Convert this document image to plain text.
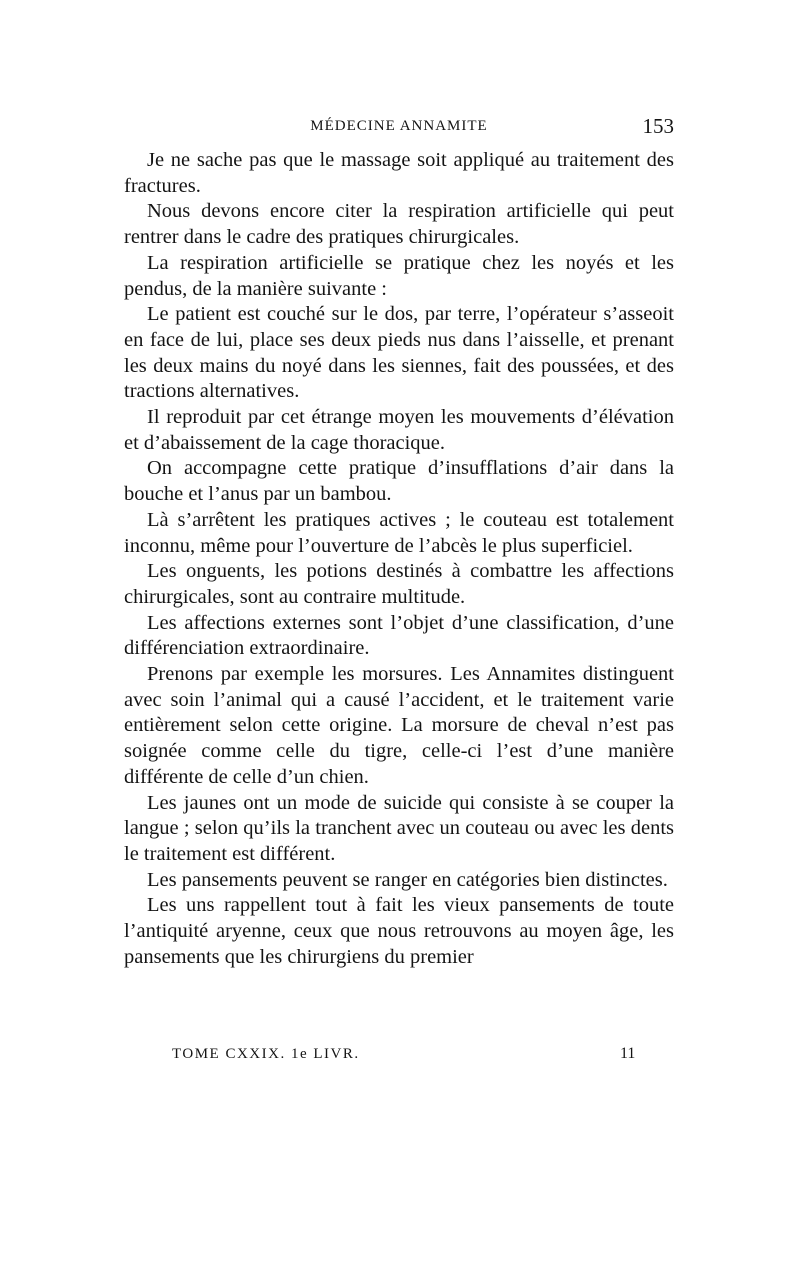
MÉDECINE ANNAMITE	153

Je ne sache pas que le massage soit appliqué au traitement des fractures.

Nous devons encore citer la respiration artificielle qui peut rentrer dans le cadre des pratiques chirurgicales.

La respiration artificielle se pratique chez les noyés et les pendus, de la manière suivante :

Le patient est couché sur le dos, par terre, l’opérateur s’asseoit en face de lui, place ses deux pieds nus dans l’aisselle, et prenant les deux mains du noyé dans les siennes, fait des poussées, et des tractions alternatives.

Il reproduit par cet étrange moyen les mouvements d’élévation et d’abaissement de la cage thoracique.

On accompagne cette pratique d’insufflations d’air dans la bouche et l’anus par un bambou.

Là s’arrêtent les pratiques actives ; le couteau est totalement inconnu, même pour l’ouverture de l’abcès le plus superficiel.

Les onguents, les potions destinés à combattre les affections chirurgicales, sont au contraire multitude.

Les affections externes sont l’objet d’une classification, d’une différenciation extraordinaire.

Prenons par exemple les morsures. Les Annamites distinguent avec soin l’animal qui a causé l’accident, et le traitement varie entièrement selon cette origine. La morsure de cheval n’est pas soignée comme celle du tigre, celle-ci l’est d’une manière différente de celle d’un chien.

Les jaunes ont un mode de suicide qui consiste à se couper la langue ; selon qu’ils la tranchent avec un couteau ou avec les dents le traitement est différent.

Les pansements peuvent se ranger en catégories bien distinctes.

Les uns rappellent tout à fait les vieux pansements de toute l’antiquité aryenne, ceux que nous retrouvons au moyen âge, les pansements que les chirurgiens du premier

TOME CXXIX. 1e LIVR.	11
